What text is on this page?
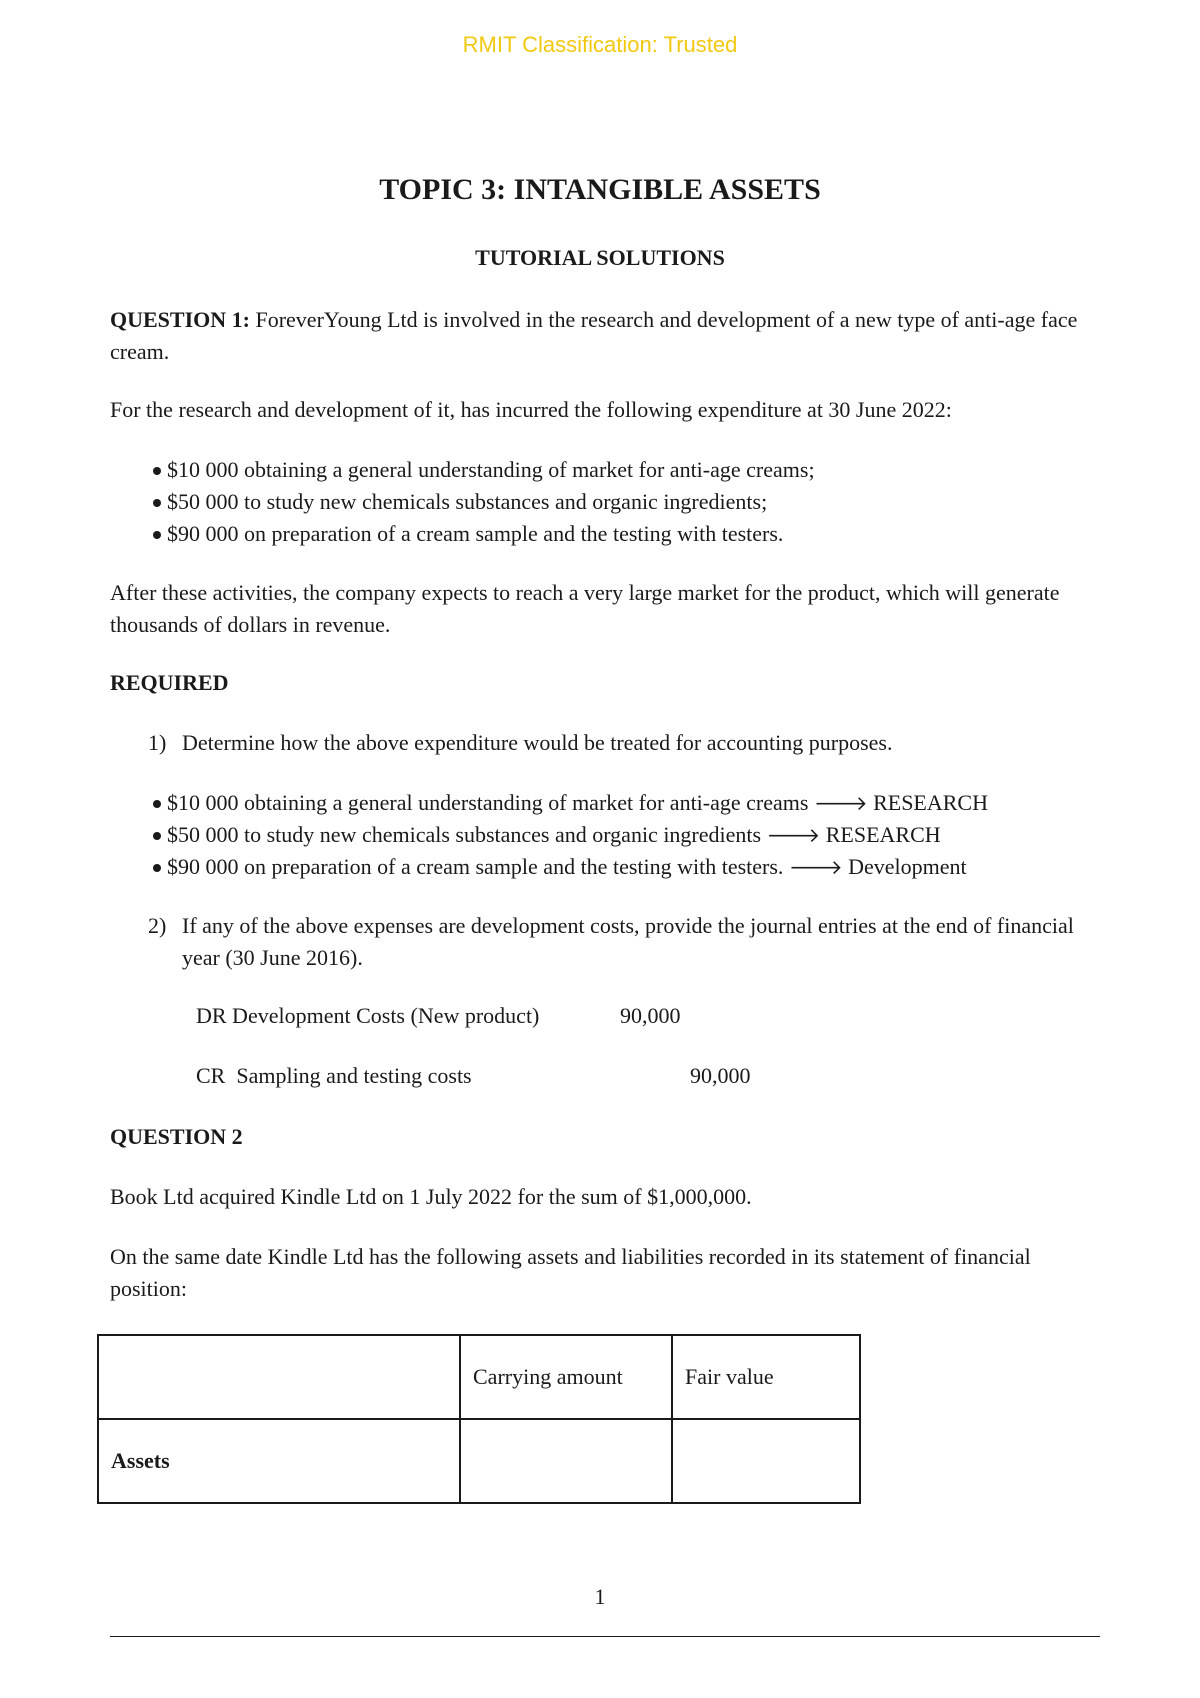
RMIT Classification: Trusted
TOPIC 3: INTANGIBLE ASSETS
TUTORIAL SOLUTIONS
QUESTION 1: ForeverYoung Ltd is involved in the research and development of a new type of anti-age face cream.
For the research and development of it, has incurred the following expenditure at 30 June 2022:
$10 000 obtaining a general understanding of market for anti-age creams;
$50 000 to study new chemicals substances and organic ingredients;
$90 000 on preparation of a cream sample and the testing with testers.
After these activities, the company expects to reach a very large market for the product, which will generate thousands of dollars in revenue.
REQUIRED
1) Determine how the above expenditure would be treated for accounting purposes.
$10 000 obtaining a general understanding of market for anti-age creams 🡒 RESEARCH
$50 000 to study new chemicals substances and organic ingredients 🡒 RESEARCH
$90 000 on preparation of a cream sample and the testing with testers. 🡒 Development
2) If any of the above expenses are development costs, provide the journal entries at the end of financial year (30 June 2016).
DR Development Costs (New product)	90,000
CR  Sampling and testing costs	90,000
QUESTION 2
Book Ltd acquired Kindle Ltd on 1 July 2022 for the sum of $1,000,000.
On the same date Kindle Ltd has the following assets and liabilities recorded in its statement of financial position:
	Carrying amount	Fair value
Assets		
1
